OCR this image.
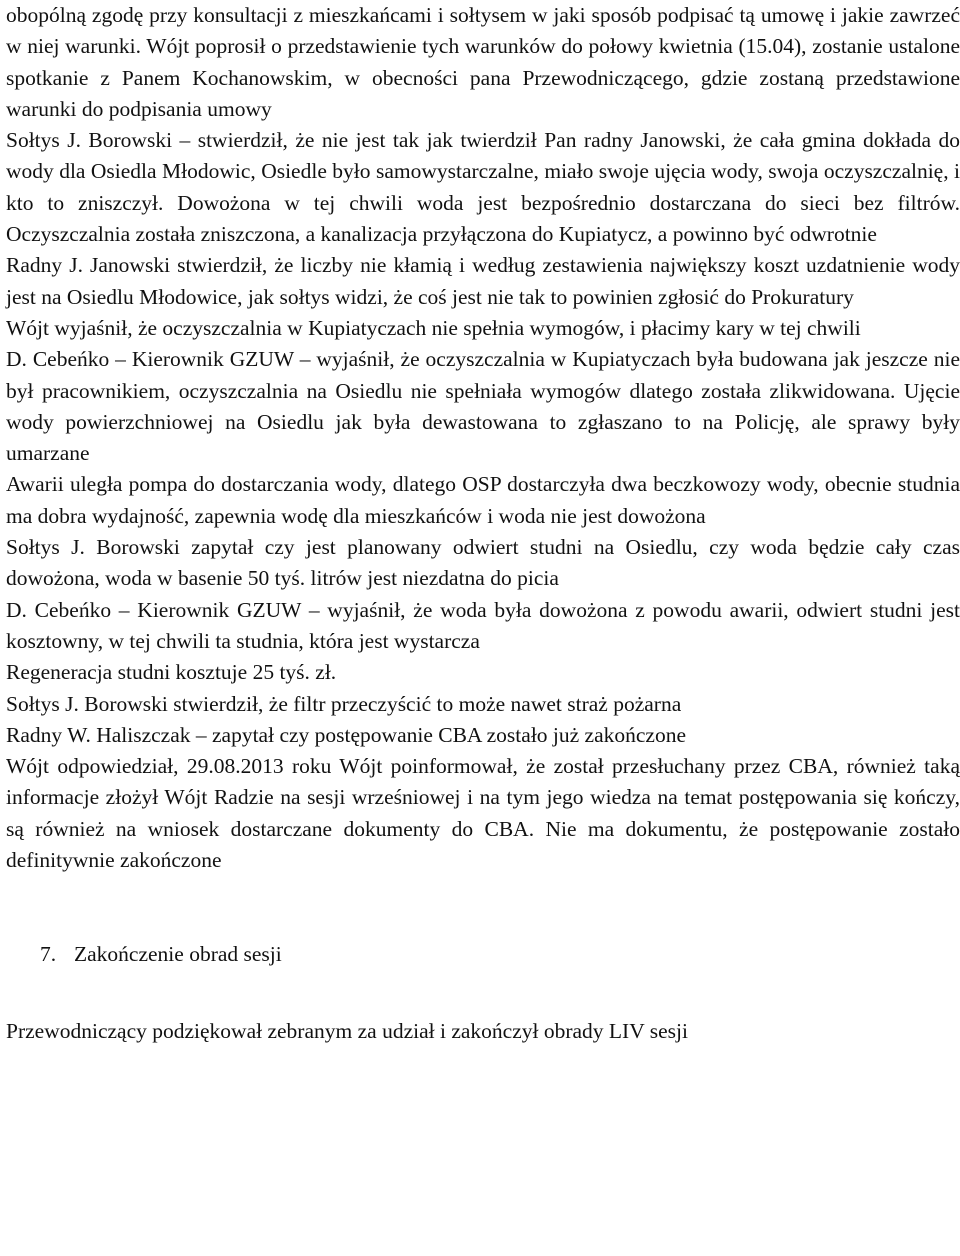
obopólną zgodę przy konsultacji z mieszkańcami i sołtysem w jaki sposób podpisać tą umowę i jakie zawrzeć w niej warunki. Wójt poprosił o przedstawienie tych warunków do połowy kwietnia (15.04), zostanie ustalone spotkanie z Panem Kochanowskim, w obecności pana Przewodniczącego, gdzie zostaną przedstawione warunki do podpisania umowy

Sołtys J. Borowski – stwierdził, że nie jest tak jak twierdził Pan radny Janowski, że cała gmina dokłada do wody dla Osiedla Młodowic, Osiedle było samowystarczalne, miało swoje ujęcia wody, swoja oczyszczalnię, i kto to zniszczył. Dowożona w tej chwili woda jest bezpośrednio dostarczana do sieci bez filtrów. Oczyszczalnia została zniszczona, a kanalizacja przyłączona do Kupiatycz, a powinno być odwrotnie

Radny J. Janowski stwierdził, że liczby nie kłamią i według zestawienia największy koszt uzdatnienie wody jest na Osiedlu Młodowice, jak sołtys widzi, że coś jest nie tak to powinien zgłosić do Prokuratury

Wójt wyjaśnił, że oczyszczalnia w Kupiatyczach nie spełnia wymogów, i płacimy kary w tej chwili

D. Cebeńko – Kierownik GZUW – wyjaśnił, że oczyszczalnia w Kupiatyczach była budowana jak jeszcze nie był pracownikiem, oczyszczalnia na Osiedlu nie spełniała wymogów dlatego została zlikwidowana. Ujęcie wody powierzchniowej na Osiedlu jak była dewastowana to zgłaszano to na Policję, ale sprawy były umarzane

Awarii uległa pompa do dostarczania wody, dlatego OSP dostarczyła dwa beczkowozy wody, obecnie studnia ma dobra wydajność, zapewnia wodę dla mieszkańców i woda nie jest dowożona

Sołtys J. Borowski zapytał czy jest planowany odwiert studni na Osiedlu, czy woda będzie cały czas dowożona, woda w basenie 50 tyś. litrów jest niezdatna do picia

D. Cebeńko – Kierownik GZUW – wyjaśnił, że woda była dowożona z powodu awarii, odwiert studni jest kosztowny, w tej chwili ta studnia, która jest wystarcza

Regeneracja studni kosztuje 25 tyś. zł.

Sołtys J. Borowski stwierdził, że filtr przeczyścić to może nawet straż pożarna

Radny W. Haliszczak – zapytał czy postępowanie CBA zostało już zakończone

Wójt odpowiedział, 29.08.2013 roku Wójt poinformował, że został przesłuchany przez CBA, również taką informacje złożył Wójt Radzie na sesji wrześniowej i na tym jego wiedza na temat postępowania się kończy, są również na wniosek dostarczane dokumenty do CBA. Nie ma dokumentu, że postępowanie zostało definitywnie zakończone

7. Zakończenie obrad sesji

Przewodniczący podziękował zebranym za udział i zakończył obrady LIV sesji
